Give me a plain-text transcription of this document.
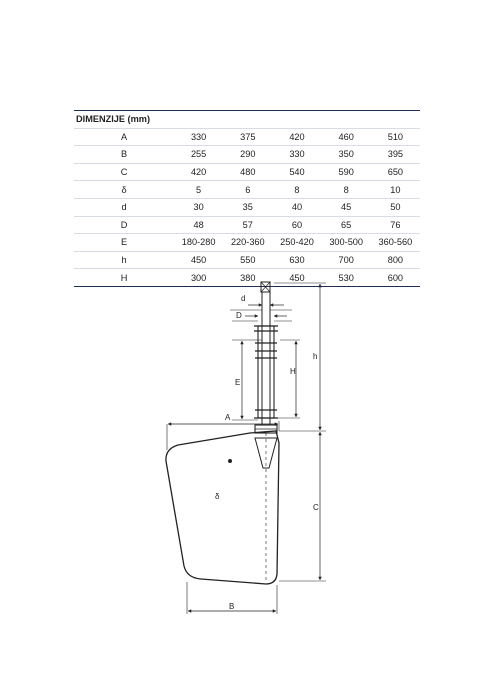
DIMENZIJE (mm)					
A	330	375	420	460	510
B	255	290	330	350	395
C	420	480	540	590	650
δ	5	6	8	8	10
d	30	35	40	45	50
D	48	57	60	65	76
E	180-280	220-360	250-420	300-500	360-560
h	450	550	630	700	800
H	300	380	450	530	600
d
D
E
H
h
A
C
B
δ
